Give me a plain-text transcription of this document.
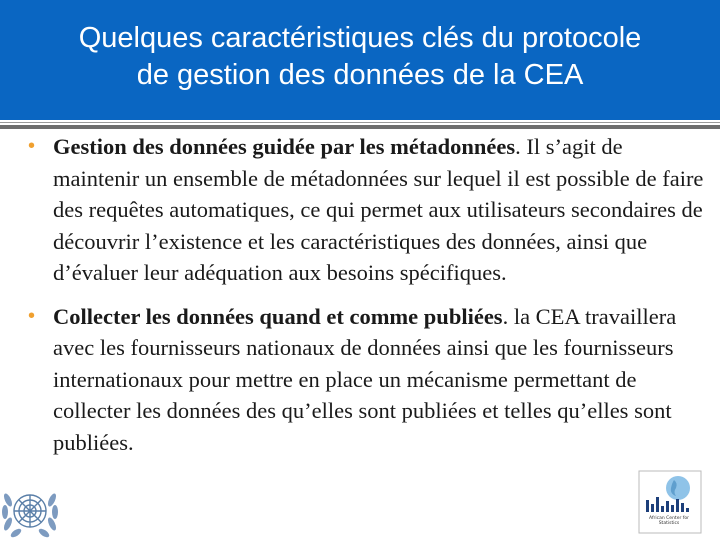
Quelques caractéristiques clés du protocole
de gestion des données de la CEA
• Gestion des données guidée par les métadonnées. Il s’agit de maintenir un ensemble de métadonnées sur lequel il est possible de faire des requêtes automatiques, ce qui permet aux utilisateurs secondaires de découvrir l’existence et les caractéristiques des données, ainsi que d’évaluer leur adéquation aux besoins spécifiques.
• Collecter les données quand et comme publiées. la CEA travaillera avec les fournisseurs nationaux de données ainsi que les fournisseurs internationaux pour mettre en place un mécanisme permettant de collecter les données des qu’elles sont publiées et telles qu’elles sont publiées.
African Center for Statistics
